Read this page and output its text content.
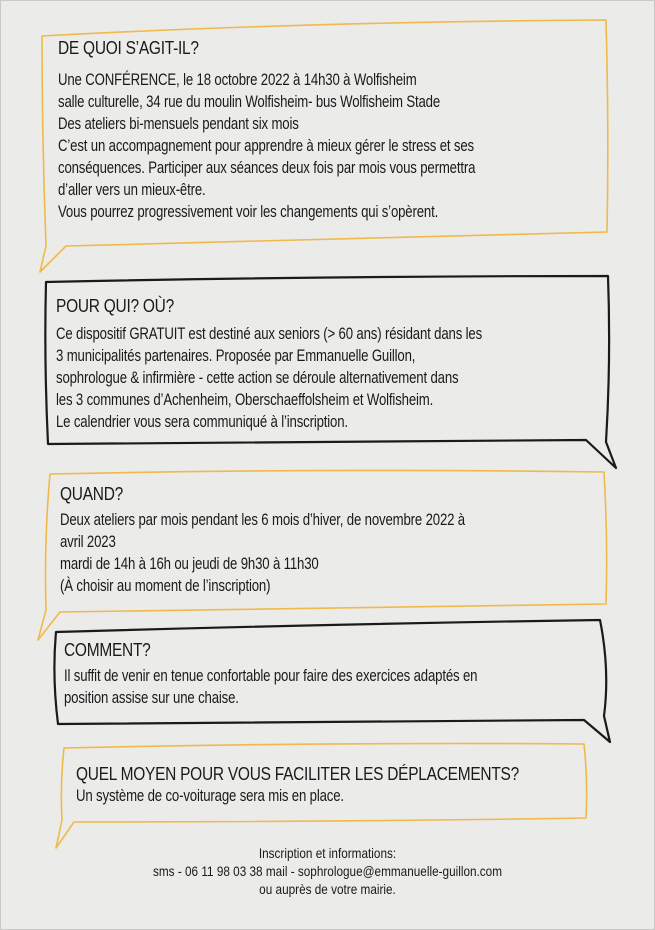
DE QUOI S’AGIT-IL?
Une CONFÉRENCE, le 18 octobre 2022 à 14h30 à Wolfisheim
salle culturelle, 34 rue du moulin Wolfisheim- bus Wolfisheim Stade
Des ateliers bi-mensuels pendant six mois
C’est un accompagnement pour apprendre à mieux gérer le stress et ses
conséquences. Participer aux séances deux fois par mois vous permettra
d’aller vers un mieux-être.
Vous pourrez progressivement voir les changements qui s’opèrent.
POUR QUI? OÙ?
Ce dispositif GRATUIT est destiné aux seniors (> 60 ans) résidant dans les
3 municipalités partenaires. Proposée par Emmanuelle Guillon,
sophrologue & infirmière - cette action se déroule alternativement dans
les 3 communes d’Achenheim, Oberschaeffolsheim et Wolfisheim.
Le calendrier vous sera communiqué à l’inscription.
QUAND?
Deux ateliers par mois pendant les 6 mois d’hiver, de novembre 2022 à
avril 2023
mardi de 14h à 16h ou jeudi de 9h30 à 11h30
(À choisir au moment de l’inscription)
COMMENT?
Il suffit de venir en tenue confortable pour faire des exercices adaptés en
position assise sur une chaise.
QUEL MOYEN POUR VOUS FACILITER LES DÉPLACEMENTS?
Un système de co-voiturage sera mis en place.
Inscription et informations:
sms - 06 11 98 03 38 mail - sophrologue@emmanuelle-guillon.com
ou auprès de votre mairie.
